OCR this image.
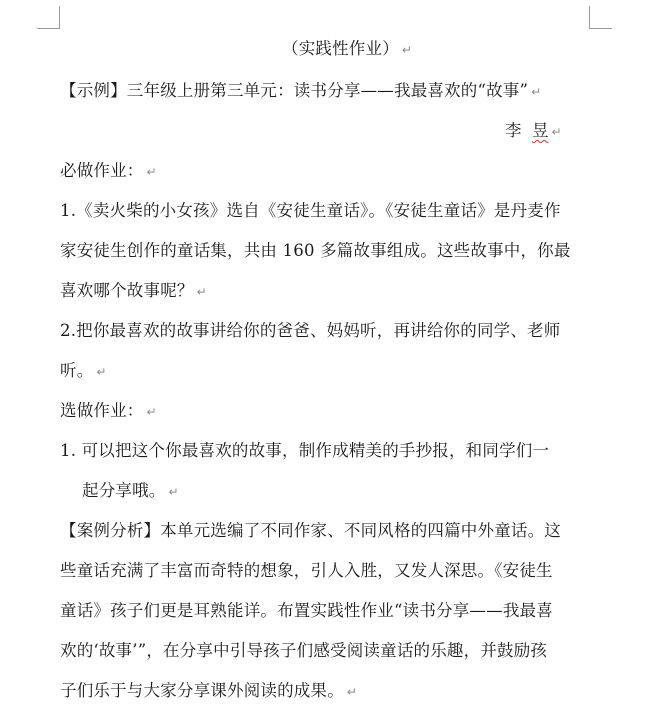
（实践性作业） ↵
【示例】三年级上册第三单元：读书分享——我最喜欢的“故事” ↵
李 昱 ↵
必做作业： ↵
1.《卖火柴的小女孩》选自《安徒生童话》。《安徒生童话》是丹麦作
家安徒生创作的童话集，共由 160 多篇故事组成。这些故事中，你最
喜欢哪个故事呢？ ↵
2.把你最喜欢的故事讲给你的爸爸、妈妈听，再讲给你的同学、老师
听。 ↵
选做作业： ↵
1. 可以把这个你最喜欢的故事，制作成精美的手抄报，和同学们一
起分享哦。 ↵
【案例分析】本单元选编了不同作家、不同风格的四篇中外童话。这
些童话充满了丰富而奇特的想象，引人入胜，又发人深思。《安徒生
童话》孩子们更是耳熟能详。布置实践性作业“读书分享——我最喜
欢的‘故事’”，在分享中引导孩子们感受阅读童话的乐趣，并鼓励孩
子们乐于与大家分享课外阅读的成果。 ↵
